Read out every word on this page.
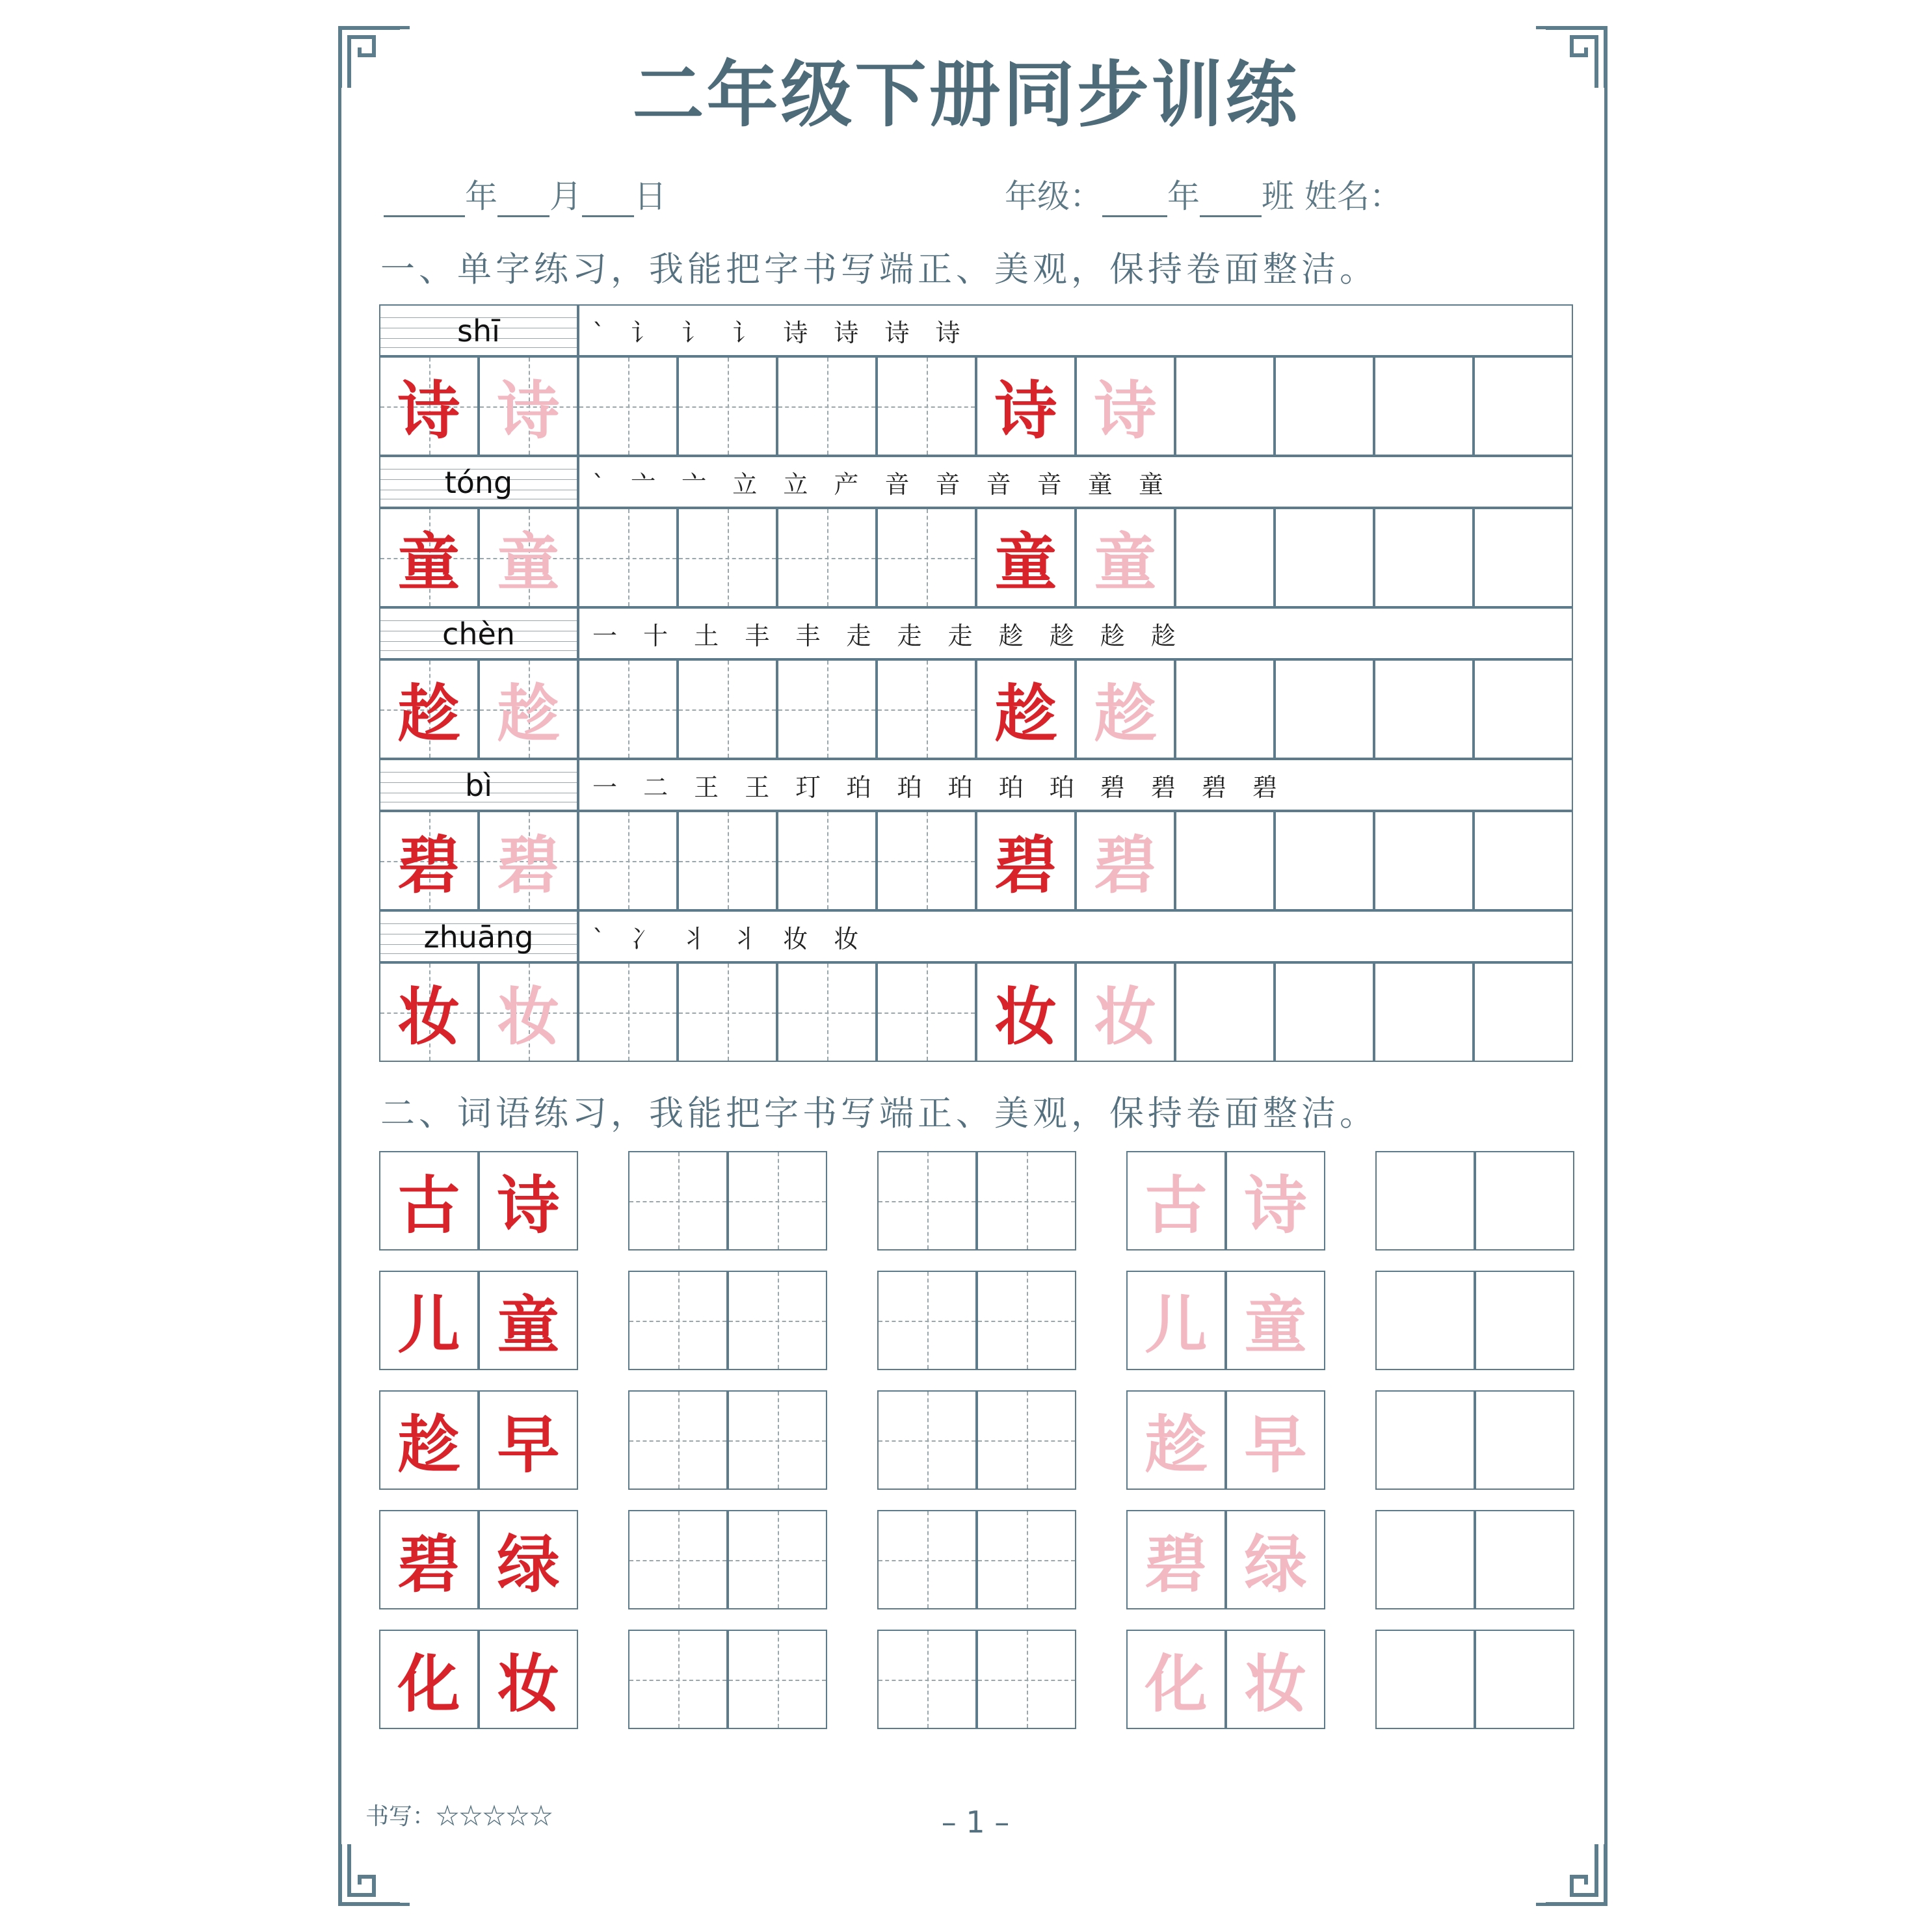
二年级下册同步训练
年 月 日	年级： 年 班 姓名：
一、单字练习，我能把字书写端正、美观，保持卷面整洁。
shī	` 讠 讠 讠 诗 诗 诗 诗
诗 诗	诗 诗
tóng	` 亠 亠 立 立 产 音 音 音 音 童 童
童 童	童 童
chèn	一 十 土 丰 丰 走 走 走 趁 趁 趁 趁
趁 趁	趁 趁
bì	一 二 王 王 玎 珀 珀 珀 珀 珀 碧 碧 碧 碧
碧 碧	碧 碧
zhuāng	` 冫 丬 丬 妆 妆
妆 妆	妆 妆
二、词语练习，我能把字书写端正、美观，保持卷面整洁。
古 诗	古 诗
儿 童	儿 童
趁 早	趁 早
碧 绿	碧 绿
化 妆	化 妆
书写：☆☆☆☆☆	– 1 –
